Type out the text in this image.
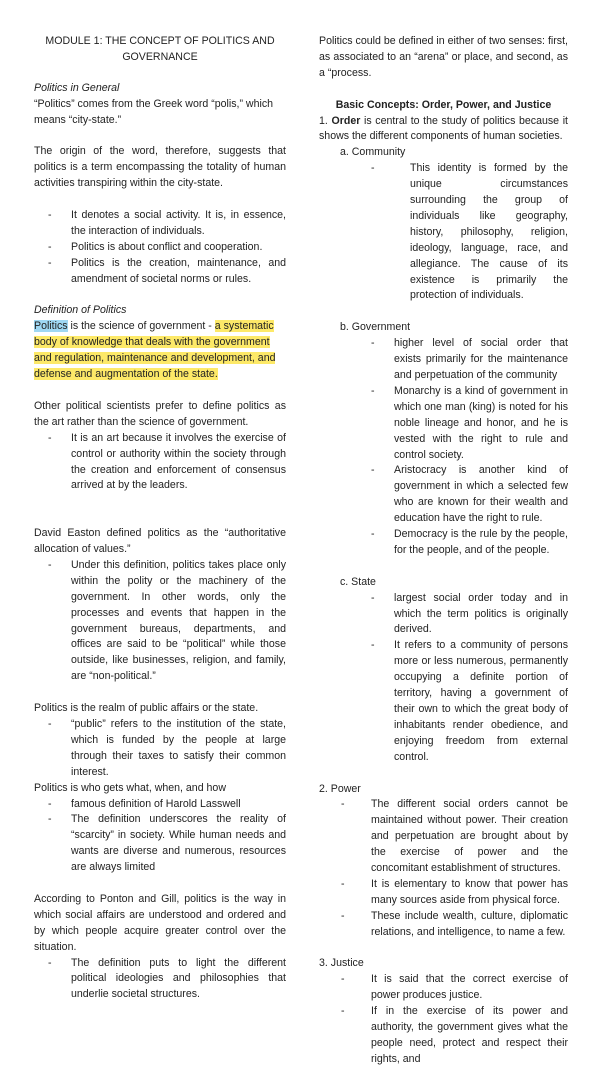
MODULE 1: THE CONCEPT OF POLITICS AND GOVERNANCE

Politics in General

“Politics” comes from the Greek word “polis,” which means “city-state.”

The origin of the word, therefore, suggests that politics is a term encompassing the totality of human activities transpiring within the city-state.

- It denotes a social activity. It is, in essence, the interaction of individuals.
- Politics is about conflict and cooperation.
- Politics is the creation, maintenance, and amendment of societal norms or rules.

Definition of Politics

Politics is the science of government - a systematic body of knowledge that deals with the government and regulation, maintenance and development, and defense and augmentation of the state.

Other political scientists prefer to define politics as the art rather than the science of government.

- It is an art because it involves the exercise of control or authority within the society through the creation and enforcement of consensus arrived at by the leaders.

David Easton defined politics as the “authoritative allocation of values.”

- Under this definition, politics takes place only within the polity or the machinery of the government. In other words, only the processes and events that happen in the government bureaus, departments, and offices are said to be “political” while those outside, like businesses, religion, and family, are “non-political.”

Politics is the realm of public affairs or the state.

- “public” refers to the institution of the state, which is funded by the people at large through their taxes to satisfy their common interest.

Politics is who gets what, when, and how

- famous definition of Harold Lasswell
- The definition underscores the reality of “scarcity” in society. While human needs and wants are diverse and numerous, resources are always limited

According to Ponton and Gill, politics is the way in which social affairs are understood and ordered and by which people acquire greater control over the situation.

- The definition puts to light the different political ideologies and philosophies that underlie societal structures.

Politics could be defined in either of two senses: first, as associated to an “arena” or place, and second, as a “process.

Basic Concepts: Order, Power, and Justice

1. Order is central to the study of politics because it shows the different components of human societies.

a. Community

- This identity is formed by the unique circumstances surrounding the group of individuals like geography, history, philosophy, religion, ideology, language, race, and allegiance. The cause of its existence is primarily the protection of individuals.

b. Government

- higher level of social order that exists primarily for the maintenance and perpetuation of the community
- Monarchy is a kind of government in which one man (king) is noted for his noble lineage and honor, and he is vested with the right to rule and control society.
- Aristocracy is another kind of government in which a selected few who are known for their wealth and education have the right to rule.
- Democracy is the rule by the people, for the people, and of the people.

c. State

- largest social order today and in which the term politics is originally derived.
- It refers to a community of persons more or less numerous, permanently occupying a definite portion of territory, having a government of their own to which the great body of inhabitants render obedience, and enjoying freedom from external control.

2. Power

- The different social orders cannot be maintained without power. Their creation and perpetuation are brought about by the exercise of power and the concomitant establishment of structures.
- It is elementary to know that power has many sources aside from physical force.
- These include wealth, culture, diplomatic relations, and intelligence, to name a few.

3. Justice

- It is said that the correct exercise of power produces justice.
- If in the exercise of its power and authority, the government gives what the people need, protect and respect their rights, and
